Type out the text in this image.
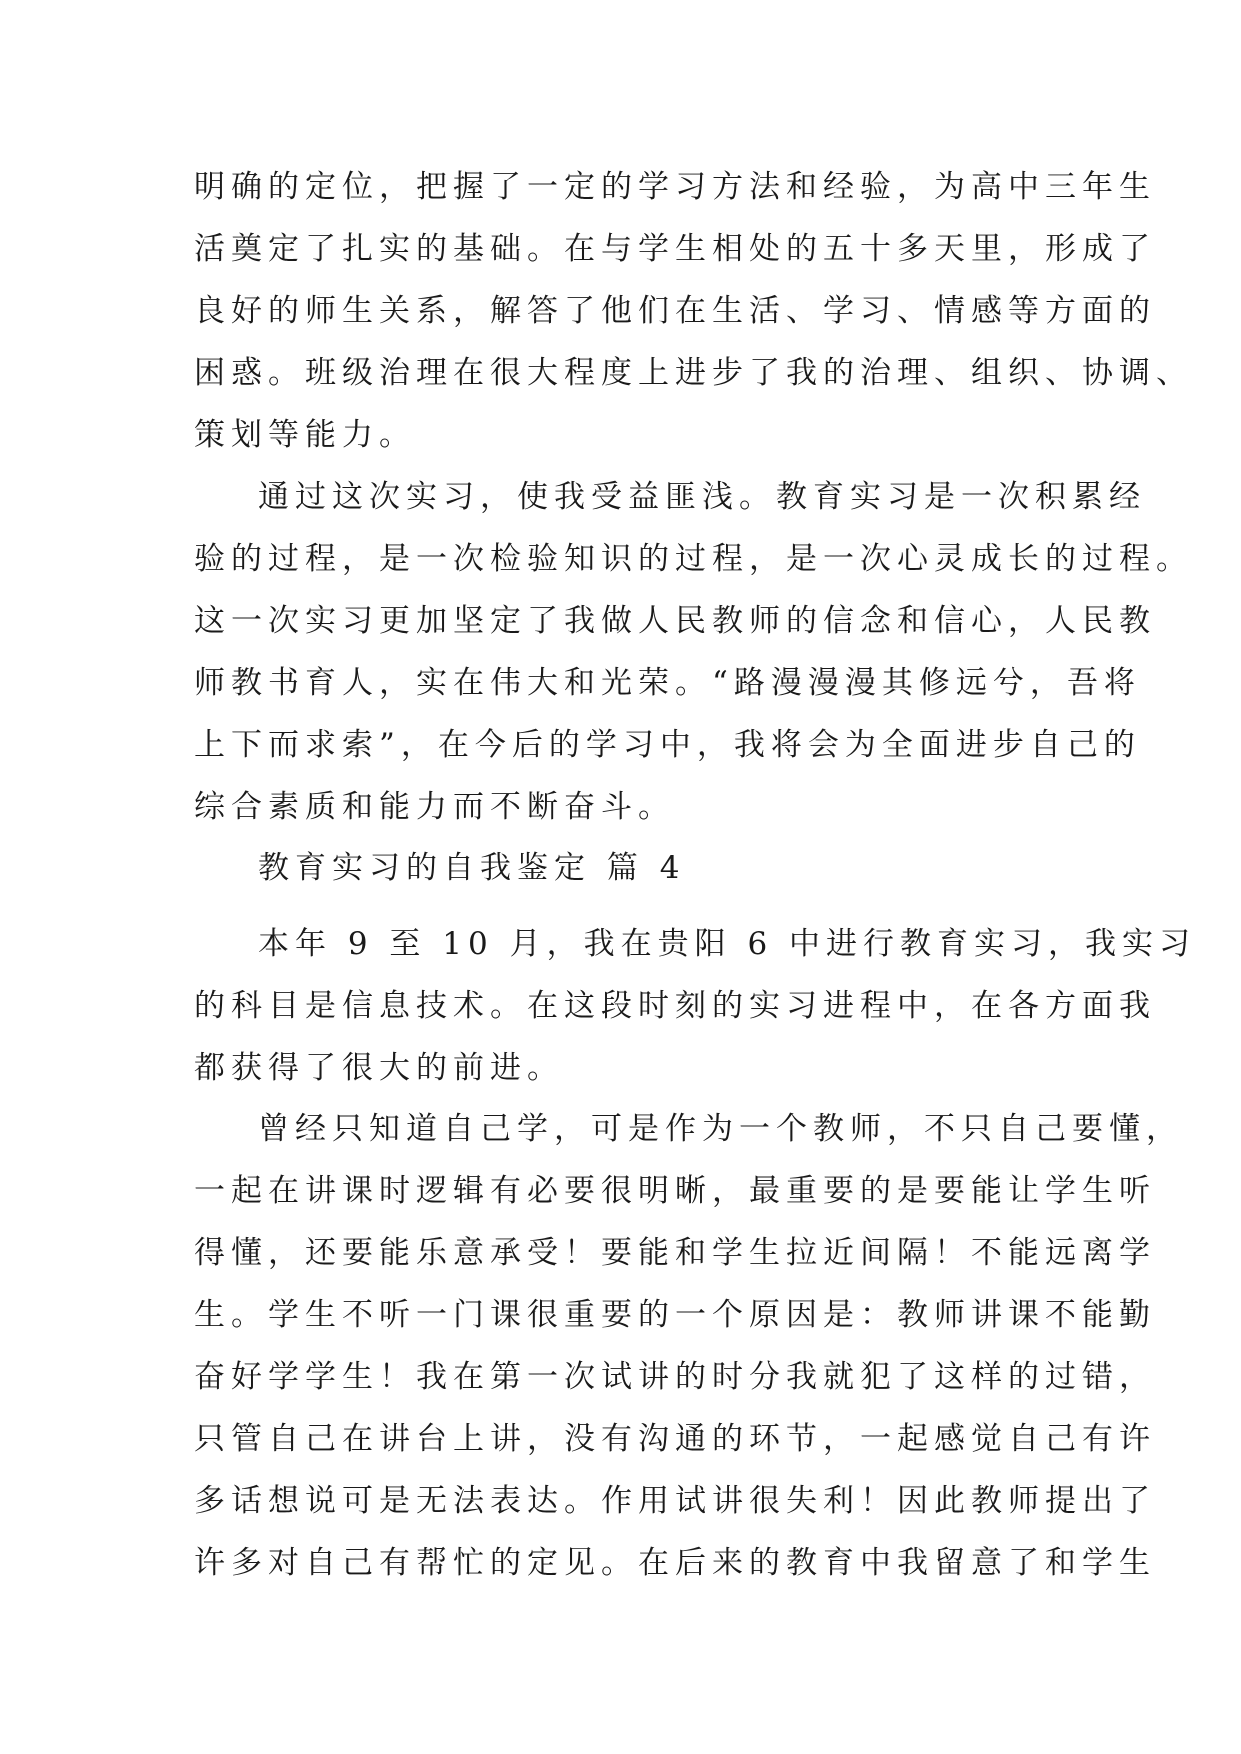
明确的定位，把握了一定的学习方法和经验，为高中三年生
活奠定了扎实的基础。在与学生相处的五十多天里，形成了
良好的师生关系，解答了他们在生活、学习、情感等方面的
困惑。班级治理在很大程度上进步了我的治理、组织、协调、
策划等能力。
通过这次实习，使我受益匪浅。教育实习是一次积累经
验的过程，是一次检验知识的过程，是一次心灵成长的过程。
这一次实习更加坚定了我做人民教师的信念和信心，人民教
师教书育人，实在伟大和光荣。“路漫漫漫其修远兮，吾将
上下而求索”，在今后的学习中，我将会为全面进步自己的
综合素质和能力而不断奋斗。
教育实习的自我鉴定 篇 4
本年 9 至 10 月，我在贵阳 6 中进行教育实习，我实习
的科目是信息技术。在这段时刻的实习进程中，在各方面我
都获得了很大的前进。
曾经只知道自己学，可是作为一个教师，不只自己要懂，
一起在讲课时逻辑有必要很明晰，最重要的是要能让学生听
得懂，还要能乐意承受！要能和学生拉近间隔！不能远离学
生。学生不听一门课很重要的一个原因是：教师讲课不能勤
奋好学学生！我在第一次试讲的时分我就犯了这样的过错，
只管自己在讲台上讲，没有沟通的环节，一起感觉自己有许
多话想说可是无法表达。作用试讲很失利！因此教师提出了
许多对自己有帮忙的定见。在后来的教育中我留意了和学生
